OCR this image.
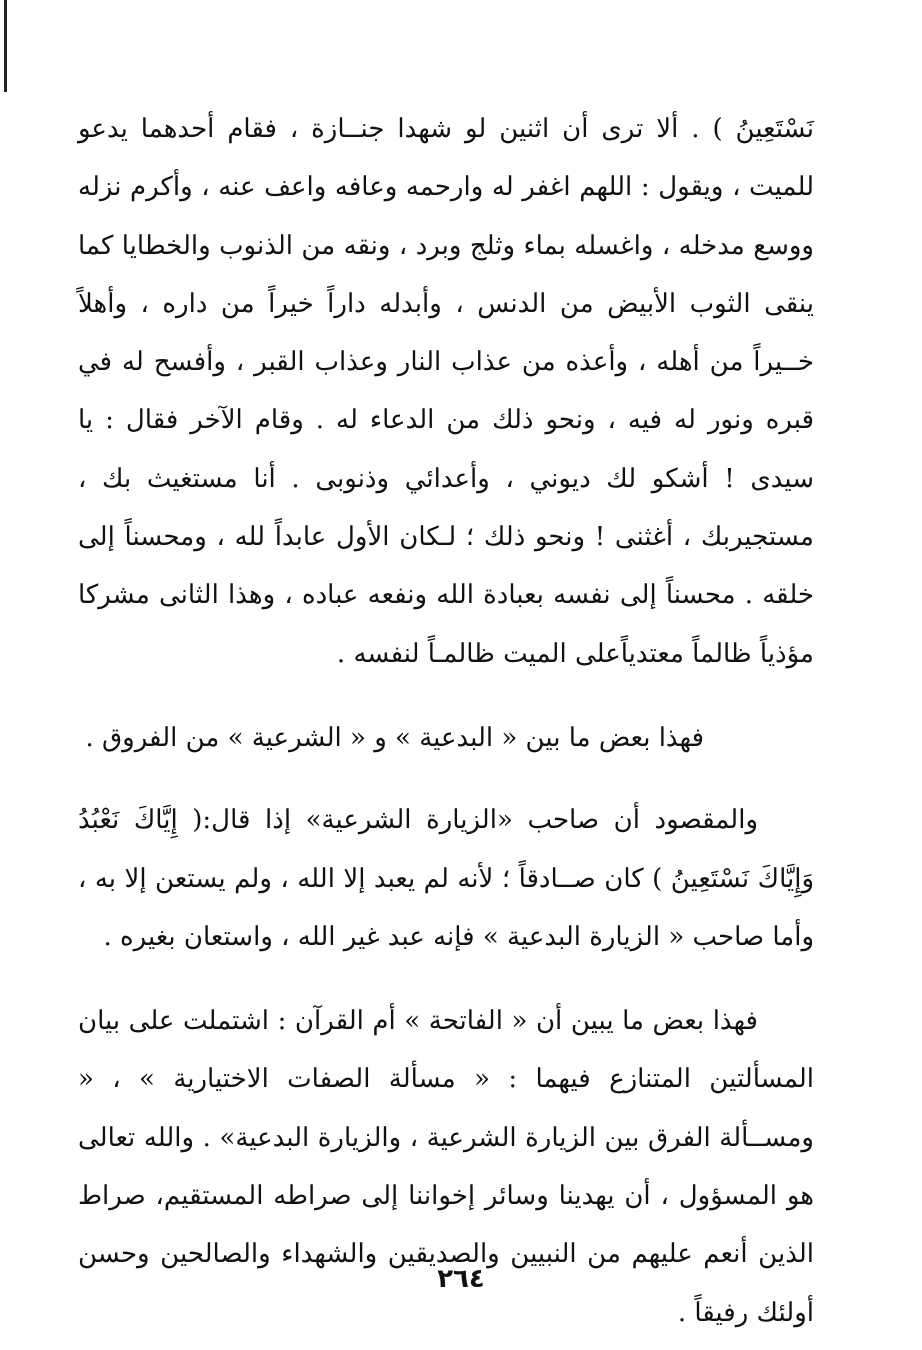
نَسْتَعِينُ ) . ألا ترى أن اثنين لو شهدا جنــازة ، فقام أحدهما يدعو للميت ، ويقول : اللهم اغفر له وارحمه وعافه واعف عنه ، وأكرم نزله ووسع مدخله ، واغسله بماء وثلج وبرد ، ونقه من الذنوب والخطايا كما ينقى الثوب الأبيض من الدنس ، وأبدله داراً خيراً من داره ، وأهلاً خــيراً من أهله ، وأعذه من عذاب النار وعذاب القبر ، وأفسح له في قبره ونور له فيه ، ونحو ذلك من الدعاء له . وقام الآخر فقال : يا سيدى ! أشكو لك ديوني ، وأعدائي وذنوبى . أنا مستغيث بك ، مستجيربك ، أغثنى ! ونحو ذلك ؛ لـكان الأول عابداً لله ، ومحسناً إلى خلقه . محسناً إلى نفسه بعبادة الله ونفعه عباده ، وهذا الثانى مشركا مؤذياً ظالماً معتدياًعلى الميت ظالمـاً لنفسه .

فهذا بعض ما بين « البدعية » و « الشرعية » من الفروق .

والمقصود أن صاحب «الزيارة الشرعية» إذا قال:( إِيَّاكَ نَعْبُدُ وَإِيَّاكَ نَسْتَعِينُ ) كان صــادقاً ؛ لأنه لم يعبد إلا الله ، ولم يستعن إلا به ، وأما صاحب « الزيارة البدعية » فإنه عبد غير الله ، واستعان بغيره .

فهذا بعض ما يبين أن « الفاتحة » أم القرآن : اشتملت على بيان المسألتين المتنازع فيهما : « مسألة الصفات الاختيارية » ، « ومســألة الفرق بين الزيارة الشرعية ، والزيارة البدعية» . والله تعالى هو المسؤول ، أن يهدينا وسائر إخواننا إلى صراطه المستقيم، صراط الذين أنعم عليهم من النبيين والصديقين والشهداء والصالحين وحسن أولئك رفيقاً .

٢٦٤
